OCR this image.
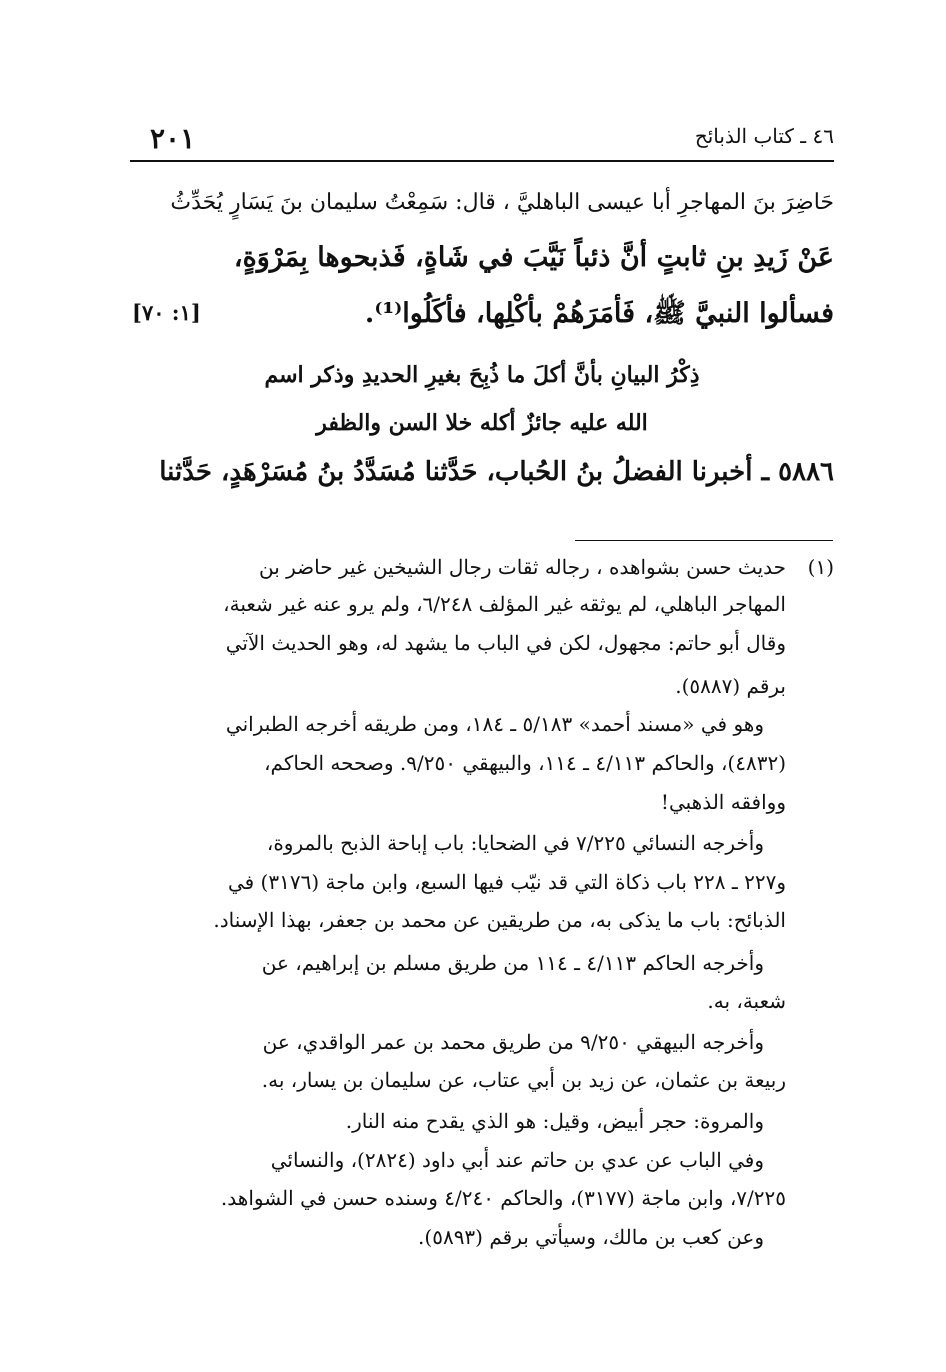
٢٠١	٤٦ ـ كتاب الذبائح
حَاضِرَ بنَ المهاجرِ أبا عيسى الباهليَّ ، قال: سَمِعْتُ سليمان بنَ يَسَارٍ يُحَدِّثُ
عَنْ زَيدِ بنِ ثابتٍ أنَّ ذئباً نَيَّبَ في شَاةٍ، فَذبحوها بِمَرْوَةٍ،
فسألوا النبيَّ ﷺ، فَأمَرَهُمْ بأكْلِها، فأكَلُوا⁽¹⁾.
[١: ٧٠]
ذِكْرُ البيانِ بأنَّ أكلَ ما ذُبِحَ بغيرِ الحديدِ وذكر اسم
الله عليه جائزٌ أكله خلا السن والظفر
٥٨٨٦ ـ أخبرنا الفضلُ بنُ الحُباب، حَدَّثنا مُسَدَّدُ بنُ مُسَرْهَدٍ، حَدَّثنا
(١)حديث حسن بشواهده ، رجاله ثقات رجال الشيخين غير حاضر بن
المهاجر الباهلي، لم يوثقه غير المؤلف ٦/٢٤٨، ولم يرو عنه غير شعبة،
وقال أبو حاتم: مجهول، لكن في الباب ما يشهد له، وهو الحديث الآتي
برقم (٥٨٨٧).
وهو في «مسند أحمد» ٥/١٨٣ ـ ١٨٤، ومن طريقه أخرجه الطبراني
(٤٨٣٢)، والحاكم ٤/١١٣ ـ ١١٤، والبيهقي ٩/٢٥٠. وصححه الحاكم،
ووافقه الذهبي!
وأخرجه النسائي ٧/٢٢٥ في الضحايا: باب إباحة الذبح بالمروة،
و٢٢٧ ـ ٢٢٨ باب ذكاة التي قد نيّب فيها السبع، وابن ماجة (٣١٧٦) في
الذبائح: باب ما يذكى به، من طريقين عن محمد بن جعفر، بهذا الإسناد.
وأخرجه الحاكم ٤/١١٣ ـ ١١٤ من طريق مسلم بن إبراهيم، عن
شعبة، به.
وأخرجه البيهقي ٩/٢٥٠ من طريق محمد بن عمر الواقدي، عن
ربيعة بن عثمان، عن زيد بن أبي عتاب، عن سليمان بن يسار، به.
والمروة: حجر أبيض، وقيل: هو الذي يقدح منه النار.
وفي الباب عن عدي بن حاتم عند أبي داود (٢٨٢٤)، والنسائي
٧/٢٢٥، وابن ماجة (٣١٧٧)، والحاكم ٤/٢٤٠ وسنده حسن في الشواهد.
وعن كعب بن مالك، وسيأتي برقم (٥٨٩٣).
